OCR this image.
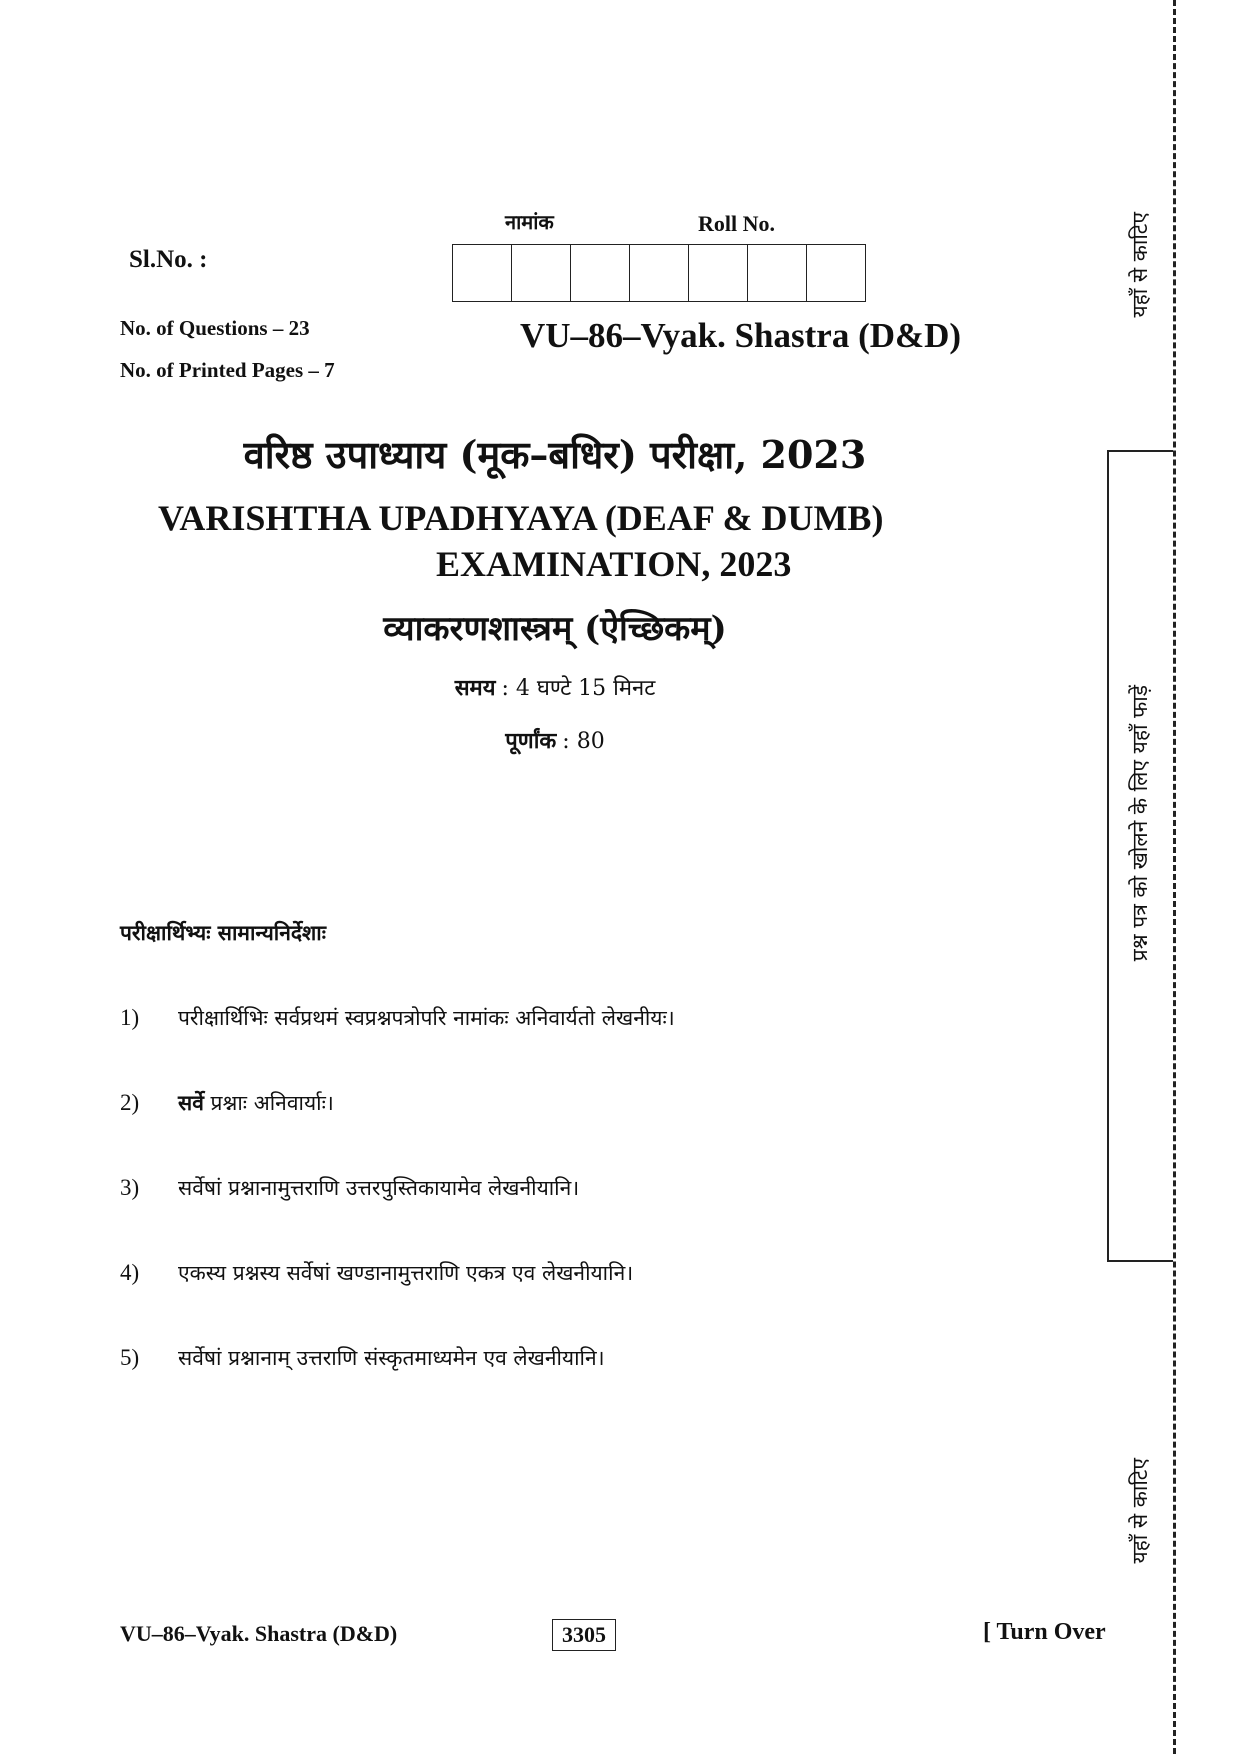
यहाँ से काटिए
प्रश्न पत्र को खोलने के लिए यहाँ फाड़ें
यहाँ से काटिए
नामांक	Roll No.
Sl.No. :
No. of Questions – 23
No. of Printed Pages – 7
VU–86–Vyak. Shastra (D&D)
वरिष्ठ उपाध्याय (मूक–बधिर) परीक्षा, 2023
VARISHTHA UPADHYAYA (DEAF & DUMB)
EXAMINATION, 2023
व्याकरणशास्त्रम् (ऐच्छिकम्)
समय : 4 घण्टे 15 मिनट
पूर्णांक : 80
परीक्षार्थिभ्यः सामान्यनिर्देशाः
1)	परीक्षार्थिभिः सर्वप्रथमं स्वप्रश्नपत्रोपरि नामांकः अनिवार्यतो लेखनीयः।
2)	सर्वे प्रश्नाः अनिवार्याः।
3)	सर्वेषां प्रश्नानामुत्तराणि उत्तरपुस्तिकायामेव लेखनीयानि।
4)	एकस्य प्रश्नस्य सर्वेषां खण्डानामुत्तराणि एकत्र एव लेखनीयानि।
5)	सर्वेषां प्रश्नानाम् उत्तराणि संस्कृतमाध्यमेन एव लेखनीयानि।
VU–86–Vyak. Shastra (D&D)	3305	[ Turn Over
